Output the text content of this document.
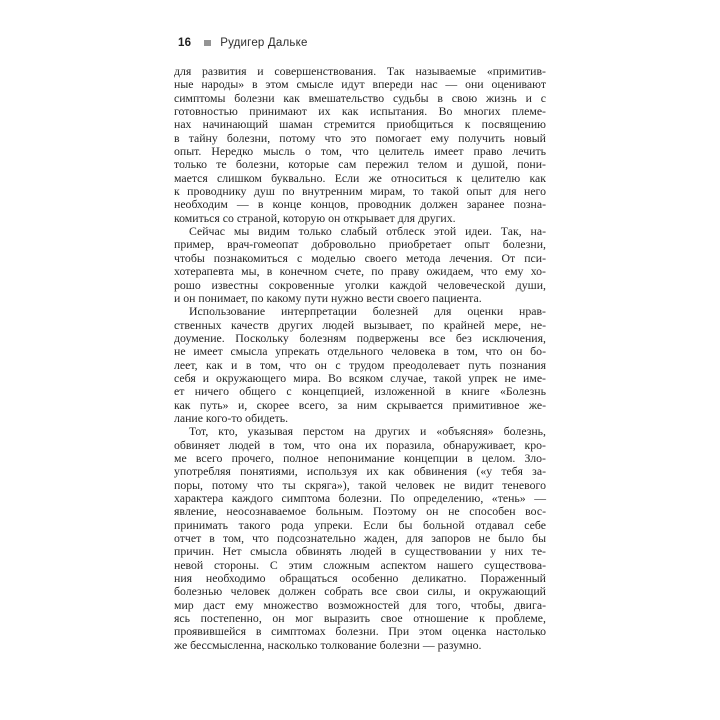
16	Рудигер Дальке
для развития и совершенствования. Так называемые «примитив-
ные народы» в этом смысле идут впереди нас — они оценивают
симптомы болезни как вмешательство судьбы в свою жизнь и с
готовностью принимают их как испытания. Во многих племе-
нах начинающий шаман стремится приобщиться к посвящению
в тайну болезни, потому что это помогает ему получить новый
опыт. Нередко мысль о том, что целитель имеет право лечить
только те болезни, которые сам пережил телом и душой, пони-
мается слишком буквально. Если же относиться к целителю как
к проводнику душ по внутренним мирам, то такой опыт для него
необходим — в конце концов, проводник должен заранее позна-
комиться со страной, которую он открывает для других.
Сейчас мы видим только слабый отблеск этой идеи. Так, на-
пример, врач-гомеопат добровольно приобретает опыт болезни,
чтобы познакомиться с моделью своего метода лечения. От пси-
хотерапевта мы, в конечном счете, по праву ожидаем, что ему хо-
рошо известны сокровенные уголки каждой человеческой души,
и он понимает, по какому пути нужно вести своего пациента.
Использование интерпретации болезней для оценки нрав-
ственных качеств других людей вызывает, по крайней мере, не-
доумение. Поскольку болезням подвержены все без исключения,
не имеет смысла упрекать отдельного человека в том, что он бо-
леет, как и в том, что он с трудом преодолевает путь познания
себя и окружающего мира. Во всяком случае, такой упрек не име-
ет ничего общего с концепцией, изложенной в книге «Болезнь
как путь» и, скорее всего, за ним скрывается примитивное же-
лание кого-то обидеть.
Тот, кто, указывая перстом на других и «объясняя» болезнь,
обвиняет людей в том, что она их поразила, обнаруживает, кро-
ме всего прочего, полное непонимание концепции в целом. Зло-
употребляя понятиями, используя их как обвинения («у тебя за-
поры, потому что ты скряга»), такой человек не видит теневого
характера каждого симптома болезни. По определению, «тень» —
явление, неосознаваемое больным. Поэтому он не способен вос-
принимать такого рода упреки. Если бы больной отдавал себе
отчет в том, что подсознательно жаден, для запоров не было бы
причин. Нет смысла обвинять людей в существовании у них те-
невой стороны. С этим сложным аспектом нашего существова-
ния необходимо обращаться особенно деликатно. Пораженный
болезнью человек должен собрать все свои силы, и окружающий
мир даст ему множество возможностей для того, чтобы, двига-
ясь постепенно, он мог выразить свое отношение к проблеме,
проявившейся в симптомах болезни. При этом оценка настолько
же бессмысленна, насколько толкование болезни — разумно.
